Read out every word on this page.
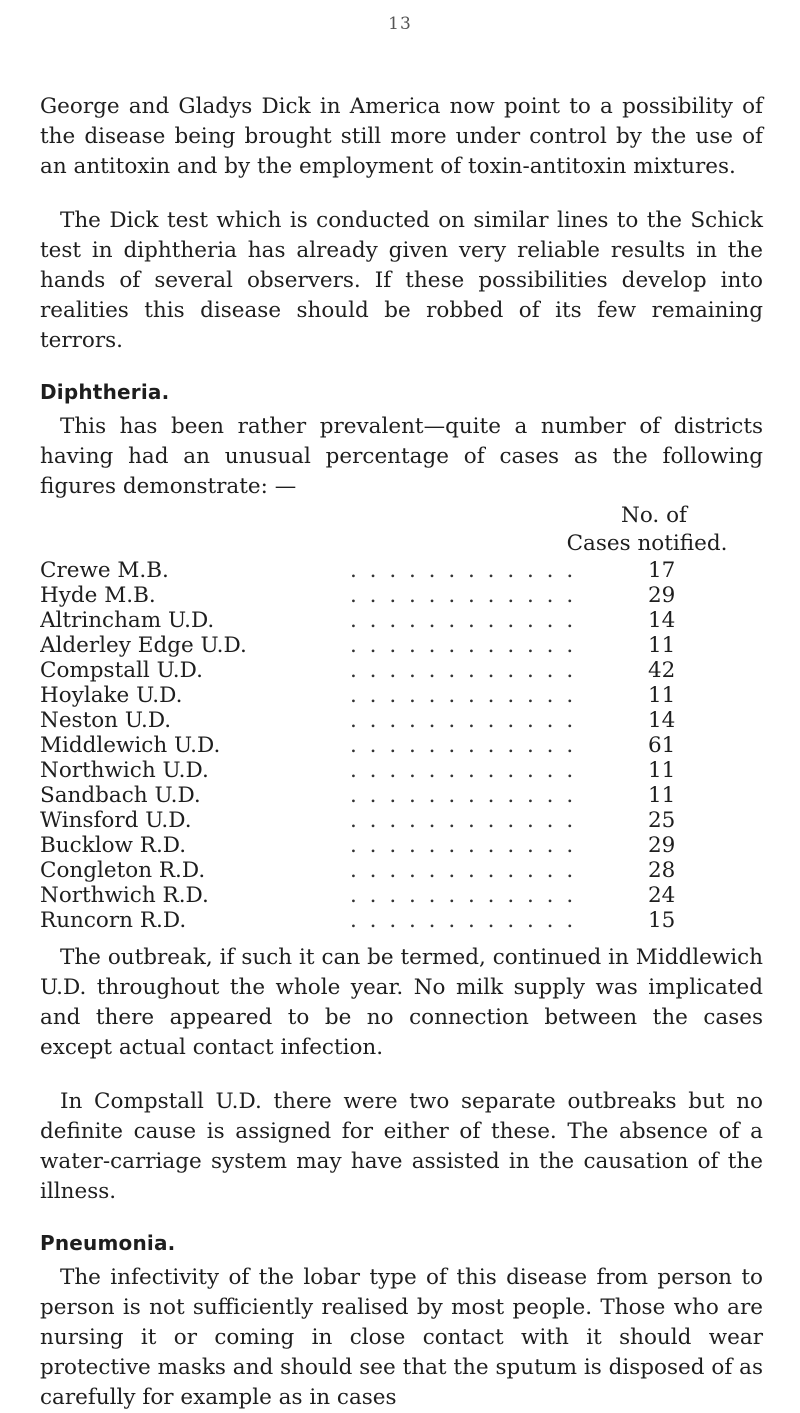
13

George and Gladys Dick in America now point to a possibility of the disease being brought still more under control by the use of an antitoxin and by the employment of toxin-antitoxin mixtures.

The Dick test which is conducted on similar lines to the Schick test in diphtheria has already given very reliable results in the hands of several observers. If these possibilities develop into realities this disease should be robbed of its few remaining terrors.

Diphtheria.

This has been rather prevalent—quite a number of districts having had an unusual percentage of cases as the following figures demonstrate: —

No. of
Cases notified.
Crewe M.B.	. . . . . . . . . . . .	17
Hyde M.B.	. . . . . . . . . . . .	29
Altrincham U.D.	. . . . . . . . . . . .	14
Alderley Edge U.D.	. . . . . . . . . . . .	11
Compstall U.D.	. . . . . . . . . . . .	42
Hoylake U.D.	. . . . . . . . . . . .	11
Neston U.D.	. . . . . . . . . . . .	14
Middlewich U.D.	. . . . . . . . . . . .	61
Northwich U.D.	. . . . . . . . . . . .	11
Sandbach U.D.	. . . . . . . . . . . .	11
Winsford U.D.	. . . . . . . . . . . .	25
Bucklow R.D.	. . . . . . . . . . . .	29
Congleton R.D.	. . . . . . . . . . . .	28
Northwich R.D.	. . . . . . . . . . . .	24
Runcorn R.D.	. . . . . . . . . . . .	15

The outbreak, if such it can be termed, continued in Middlewich U.D. throughout the whole year. No milk supply was implicated and there appeared to be no connection between the cases except actual contact infection.

In Compstall U.D. there were two separate outbreaks but no definite cause is assigned for either of these. The absence of a water-carriage system may have assisted in the causation of the illness.

Pneumonia.

The infectivity of the lobar type of this disease from person to person is not sufficiently realised by most people. Those who are nursing it or coming in close contact with it should wear protective masks and should see that the sputum is disposed of as carefully for example as in cases
